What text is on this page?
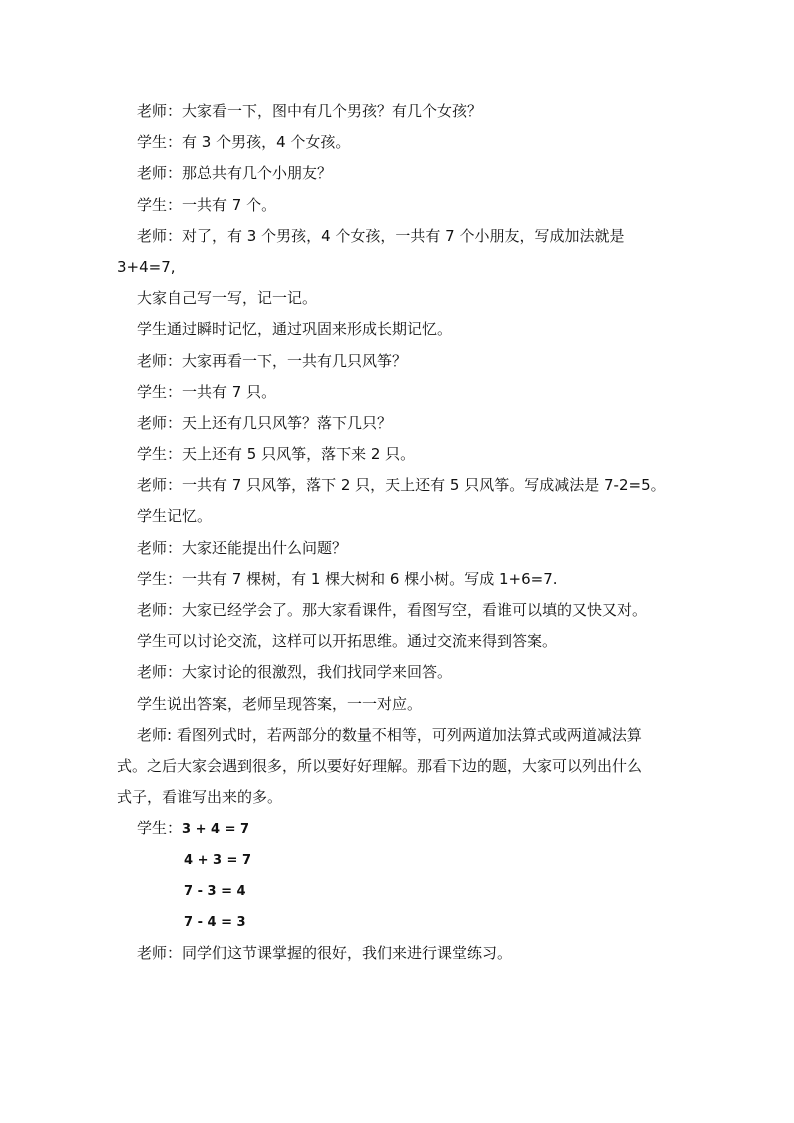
老师：大家看一下，图中有几个男孩？有几个女孩？
学生：有 3 个男孩，4 个女孩。
老师：那总共有几个小朋友？
学生：一共有 7 个。
老师：对了，有 3 个男孩，4 个女孩，一共有 7 个小朋友，写成加法就是
3+4=7,
大家自己写一写，记一记。
学生通过瞬时记忆，通过巩固来形成长期记忆。
老师：大家再看一下，一共有几只风筝？
学生：一共有 7 只。
老师：天上还有几只风筝？落下几只？
学生：天上还有 5 只风筝，落下来 2 只。
老师：一共有 7 只风筝，落下 2 只，天上还有 5 只风筝。写成减法是 7-2=5。
学生记忆。
老师：大家还能提出什么问题？
学生：一共有 7 棵树，有 1 棵大树和 6 棵小树。写成 1+6=7.
老师：大家已经学会了。那大家看课件，看图写空，看谁可以填的又快又对。
学生可以讨论交流，这样可以开拓思维。通过交流来得到答案。
老师：大家讨论的很激烈，我们找同学来回答。
学生说出答案，老师呈现答案，一一对应。
老师: 看图列式时，若两部分的数量不相等，可列两道加法算式或两道减法算
式。之后大家会遇到很多，所以要好好理解。那看下边的题，大家可以列出什么
式子，看谁写出来的多。
学生：3 + 4 = 7
4 + 3 = 7
7 - 3 = 4
7 - 4 = 3
老师：同学们这节课掌握的很好，我们来进行课堂练习。
